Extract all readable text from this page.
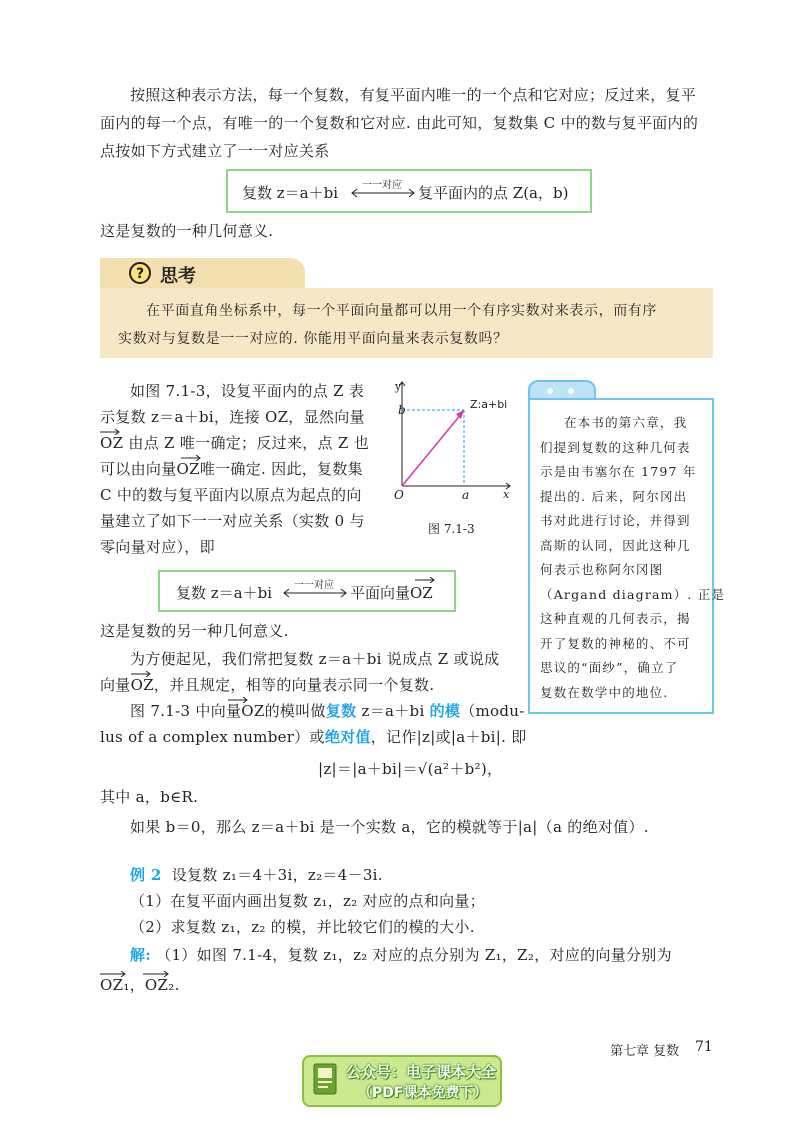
按照这种表示方法，每一个复数，有复平面内唯一的一个点和它对应；反过来，复平
面内的每一个点，有唯一的一个复数和它对应. 由此可知，复数集 C 中的数与复平面内的
点按如下方式建立了一一对应关系
复数 z＝a＋bi	一一对应	复平面内的点 Z(a，b)
这是复数的一种几何意义.
? 思考
在平面直角坐标系中，每一个平面向量都可以用一个有序实数对来表示，而有序
实数对与复数是一一对应的. 你能用平面向量来表示复数吗？
如图 7.1-3，设复平面内的点 Z 表
示复数 z＝a＋bi，连接 OZ，显然向量
OZ 由点 Z 唯一确定；反过来，点 Z 也
可以由向量OZ唯一确定. 因此，复数集
C 中的数与复平面内以原点为起点的向
量建立了如下一一对应关系（实数 0 与
零向量对应），即
y
b	Z:a+bi
O	a	x
图 7.1-3
复数 z＝a＋bi	一一对应	平面向量OZ
这是复数的另一种几何意义.
为方便起见，我们常把复数 z＝a＋bi 说成点 Z 或说成
向量OZ，并且规定，相等的向量表示同一个复数.
图 7.1-3 中向量OZ的模叫做复数 z＝a＋bi 的模（modu-
lus of a complex number）或绝对值，记作|z|或|a＋bi|. 即
|z|＝|a＋bi|＝√(a²＋b²)，
其中 a，b∈R.
如果 b＝0，那么 z＝a＋bi 是一个实数 a，它的模就等于|a|（a 的绝对值）.
例 2 设复数 z₁＝4＋3i，z₂＝4－3i.
（1）在复平面内画出复数 z₁，z₂ 对应的点和向量；
（2）求复数 z₁，z₂ 的模，并比较它们的模的大小.
解: （1）如图 7.1-4，复数 z₁，z₂ 对应的点分别为 Z₁，Z₂，对应的向量分别为
OZ₁，OZ₂.
在本书的第六章，我
们提到复数的这种几何表
示是由韦塞尔在 1797 年
提出的. 后来，阿尔冈出
书对此进行讨论，并得到
高斯的认同，因此这种几
何表示也称阿尔冈图
（Argand diagram）. 正是
这种直观的几何表示，揭
开了复数的神秘的、不可
思议的“面纱”，确立了
复数在数学中的地位.
第七章 复数 71
公众号：电子课本大全
（PDF课本免费下）
